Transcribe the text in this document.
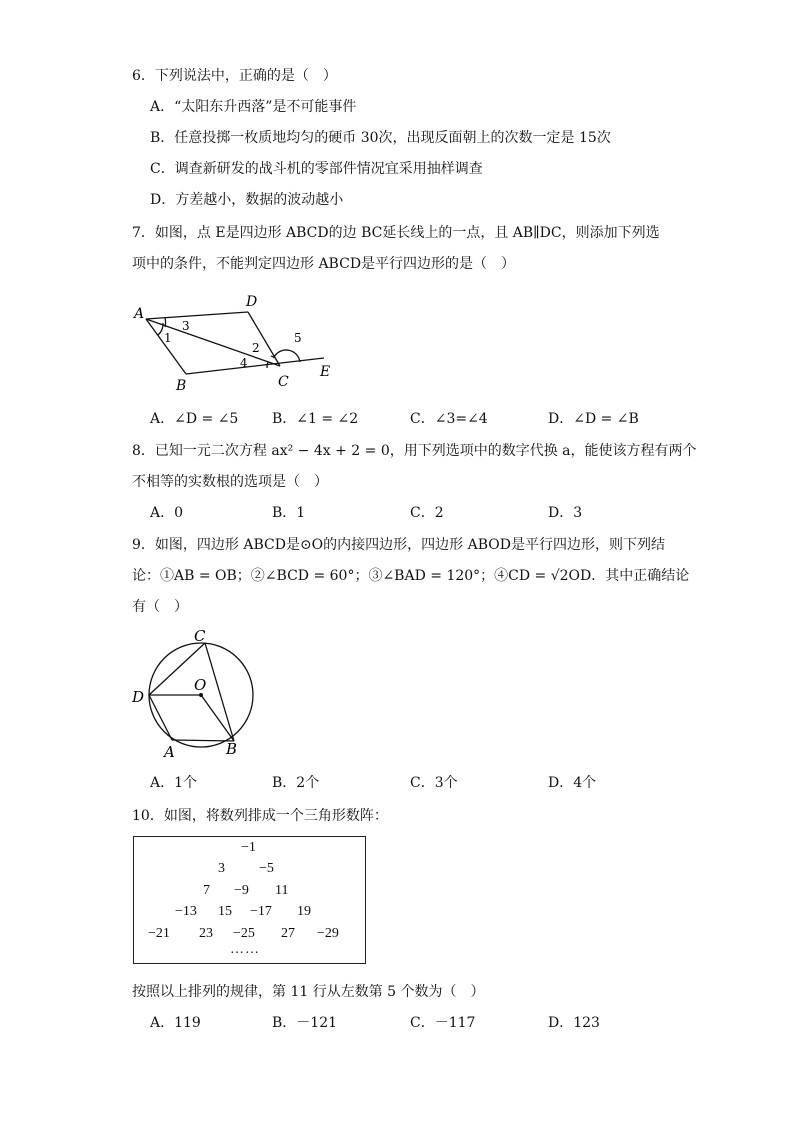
6．下列说法中，正确的是（　）
A．“太阳东升西落”是不可能事件
B．任意投掷一枚质地均匀的硬币 30次，出现反面朝上的次数一定是 15次
C．调查新研发的战斗机的零部件情况宜采用抽样调查
D．方差越小，数据的波动越小
7．如图，点 E是四边形 ABCD的边 BC延长线上的一点，且 AB∥DC，则添加下列选
项中的条件，不能判定四边形 ABCD是平行四边形的是（　）
A
D
B	C
E
1
2
3
4
5
A．∠D = ∠5 B．∠1 = ∠2	C．∠3=∠4	D．∠D = ∠B
8．已知一元二次方程 ax² − 4x + 2 = 0，用下列选项中的数字代换 a，能使该方程有两个
不相等的实数根的选项是（　）
A．0	B．1	C．2	D．3
9．如图，四边形 ABCD是⊙O的内接四边形，四边形 ABOD是平行四边形，则下列结
论：①AB = OB；②∠BCD = 60°；③∠BAD = 120°；④CD = √2OD．其中正确结论
有（　）
C
O
D
A	B
A．1个	B．2个	C．3个	D．4个
10．如图，将数列排成一个三角形数阵：
−1
3 −5
7 −9 11
−13 15 −17 19
−21 23 −25 27 −29
……
按照以上排列的规律，第 11 行从左数第 5 个数为（　）
A．119	B．－121	C．－117	D．123
